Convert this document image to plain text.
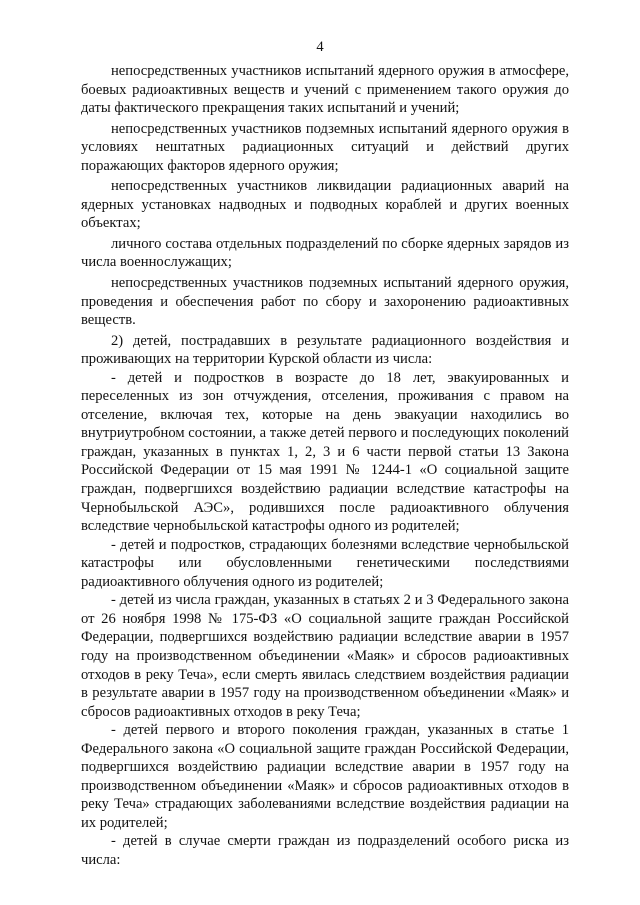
4

непосредственных участников испытаний ядерного оружия в атмосфере, боевых радиоактивных веществ и учений с применением такого оружия до даты фактического прекращения таких испытаний и учений;

непосредственных участников подземных испытаний ядерного оружия в условиях нештатных радиационных ситуаций и действий других поражающих факторов ядерного оружия;

непосредственных участников ликвидации радиационных аварий на ядерных установках надводных и подводных кораблей и других военных объектах;

личного состава отдельных подразделений по сборке ядерных зарядов из числа военнослужащих;

непосредственных участников подземных испытаний ядерного оружия, проведения и обеспечения работ по сбору и захоронению радиоактивных веществ.

2) детей, пострадавших в результате радиационного воздействия и проживающих на территории Курской области из числа:

- детей и подростков в возрасте до 18 лет, эвакуированных и переселенных из зон отчуждения, отселения, проживания с правом на отселение, включая тех, которые на день эвакуации находились во внутриутробном состоянии, а также детей первого и последующих поколений граждан, указанных в пунктах 1, 2, 3 и 6 части первой статьи 13 Закона Российской Федерации от 15 мая 1991 № 1244-1 «О социальной защите граждан, подвергшихся воздействию радиации вследствие катастрофы на Чернобыльской АЭС», родившихся после радиоактивного облучения вследствие чернобыльской катастрофы одного из родителей;

- детей и подростков, страдающих болезнями вследствие чернобыльской катастрофы или обусловленными генетическими последствиями радиоактивного облучения одного из родителей;

- детей из числа граждан, указанных в статьях 2 и 3 Федерального закона от 26 ноября 1998 № 175-ФЗ «О социальной защите граждан Российской Федерации, подвергшихся воздействию радиации вследствие аварии в 1957 году на производственном объединении «Маяк» и сбросов радиоактивных отходов в реку Теча», если смерть явилась следствием воздействия радиации в результате аварии в 1957 году на производственном объединении «Маяк» и сбросов радиоактивных отходов в реку Теча;

- детей первого и второго поколения граждан, указанных в статье 1 Федерального закона «О социальной защите граждан Российской Федерации, подвергшихся воздействию радиации вследствие аварии в 1957 году на производственном объединении «Маяк» и сбросов радиоактивных отходов в реку Теча» страдающих заболеваниями вследствие воздействия радиации на их родителей;

- детей в случае смерти граждан из подразделений особого риска из числа:
